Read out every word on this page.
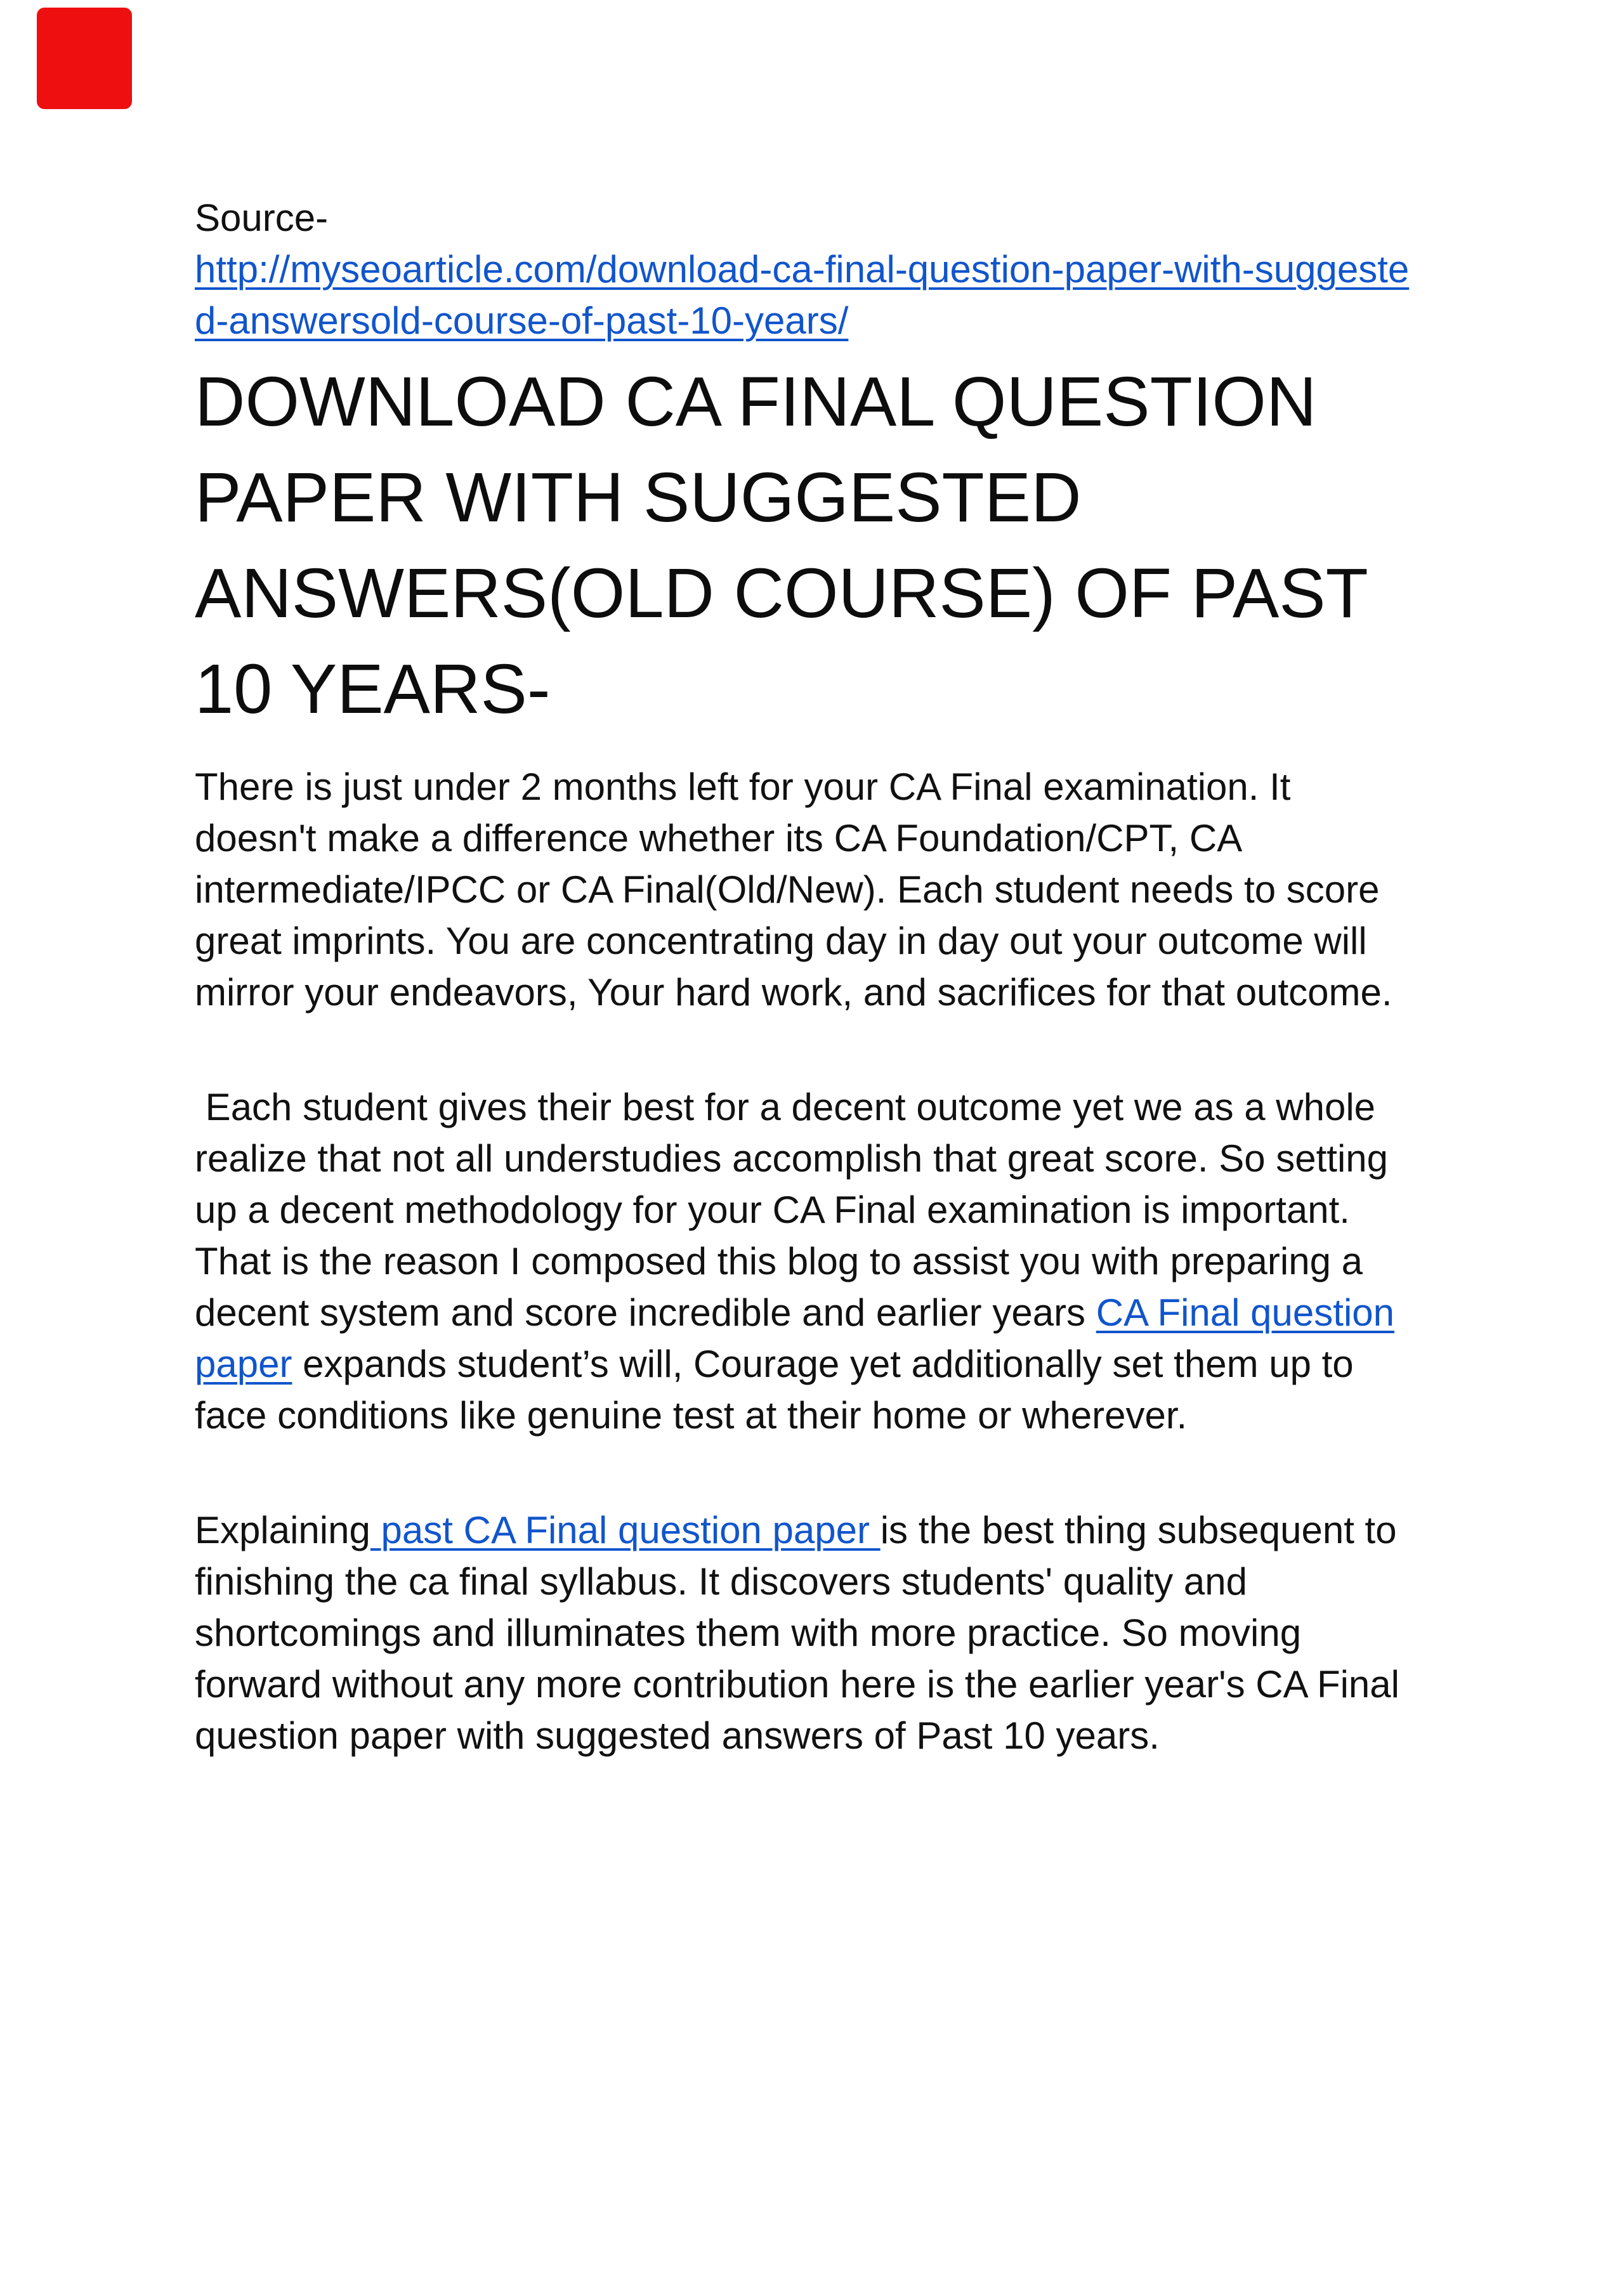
Source-
http://myseoarticle.com/download-ca-final-question-paper-with-suggeste
d-answersold-course-of-past-10-years/

DOWNLOAD CA FINAL QUESTION
PAPER WITH SUGGESTED
ANSWERS(OLD COURSE) OF PAST
10 YEARS-

There is just under 2 months left for your CA Final examination. It
doesn't make a difference whether its CA Foundation/CPT, CA
intermediate/IPCC or CA Final(Old/New). Each student needs to score
great imprints. You are concentrating day in day out your outcome will
mirror your endeavors, Your hard work, and sacrifices for that outcome.

Each student gives their best for a decent outcome yet we as a whole
realize that not all understudies accomplish that great score. So setting
up a decent methodology for your CA Final examination is important.
That is the reason I composed this blog to assist you with preparing a
decent system and score incredible and earlier years CA Final question
paper expands student’s will, Courage yet additionally set them up to
face conditions like genuine test at their home or wherever.

Explaining past CA Final question paper is the best thing subsequent to
finishing the ca final syllabus. It discovers students' quality and
shortcomings and illuminates them with more practice. So moving
forward without any more contribution here is the earlier year's CA Final
question paper with suggested answers of Past 10 years.
